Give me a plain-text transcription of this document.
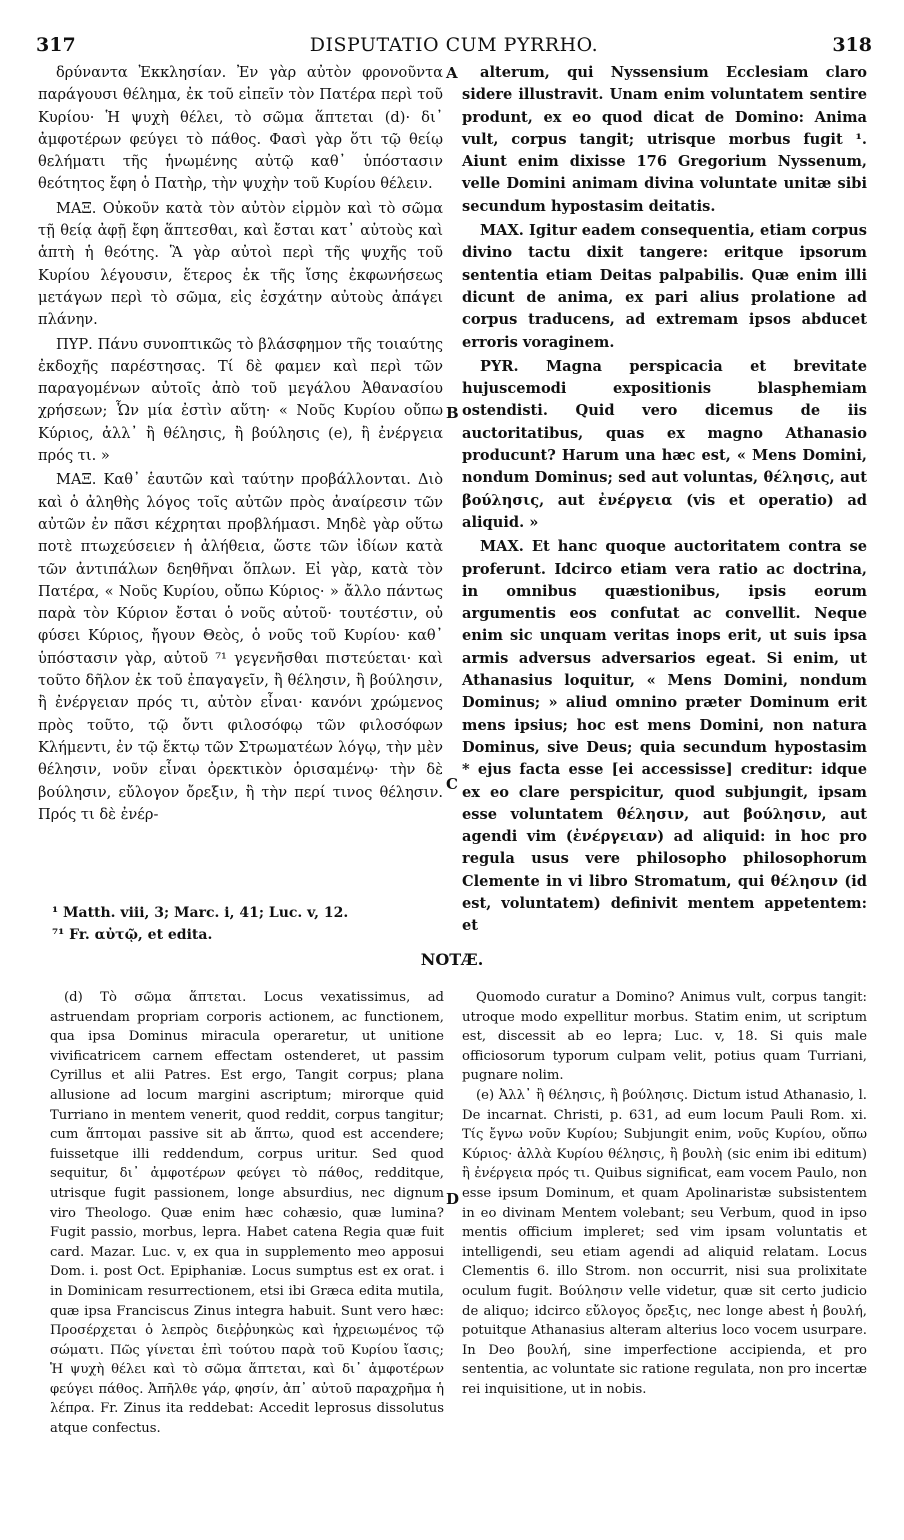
317	DISPUTATIO CUM PYRRHO.	318
A
B
C
D

δρύναντα Ἐκκλησίαν. Ἐν γὰρ αὐτὸν φρονοῦντα παράγουσι θέλημα, ἐκ τοῦ εἰπεῖν τὸν Πατέρα περὶ τοῦ Κυρίου· Ἡ ψυχὴ θέλει, τὸ σῶμα ἅπτεται (d)· δι᾿ ἀμφοτέρων φεύγει τὸ πάθος. Φασὶ γὰρ ὅτι τῷ θείῳ θελήματι τῆς ἡνωμένης αὐτῷ καθ᾿ ὑπόστασιν θεότητος ἔφη ὁ Πατὴρ, τὴν ψυχὴν τοῦ Κυρίου θέλειν.

ΜΑΞ. Οὐκοῦν κατὰ τὸν αὐτὸν εἱρμὸν καὶ τὸ σῶμα τῇ θείᾳ ἀφῇ ἔφη ἅπτεσθαι, καὶ ἔσται κατ᾿ αὐτοὺς καὶ ἁπτὴ ἡ θεότης. Ἃ γὰρ αὐτοὶ περὶ τῆς ψυχῆς τοῦ Κυρίου λέγουσιν, ἕτερος ἐκ τῆς ἴσης ἐκφωνήσεως μετάγων περὶ τὸ σῶμα, εἰς ἐσχάτην αὐτοὺς ἀπάγει πλάνην.

ΠΥΡ. Πάνυ συνοπτικῶς τὸ βλάσφημον τῆς τοιαύτης ἐκδοχῆς παρέστησας. Τί δὲ φαμεν καὶ περὶ τῶν παραγομένων αὐτοῖς ἀπὸ τοῦ μεγάλου Ἀθανασίου χρήσεων; Ὧν μία ἐστὶν αὕτη· « Νοῦς Κυρίου οὔπω Κύριος, ἀλλ᾿ ἢ θέλησις, ἢ βούλησις (e), ἢ ἐνέργεια πρός τι. »

ΜΑΞ. Καθ᾿ ἑαυτῶν καὶ ταύτην προβάλλονται. Διὸ καὶ ὁ ἀληθὴς λόγος τοῖς αὐτῶν πρὸς ἀναίρεσιν τῶν αὐτῶν ἐν πᾶσι κέχρηται προβλήμασι. Μηδὲ γὰρ οὕτω ποτὲ πτωχεύσειεν ἡ ἀλήθεια, ὥστε τῶν ἰδίων κατὰ τῶν ἀντιπάλων δεηθῆναι ὅπλων. Εἰ γὰρ, κατὰ τὸν Πατέρα, « Νοῦς Κυρίου, οὔπω Κύριος· » ἄλλο πάντως παρὰ τὸν Κύριον ἔσται ὁ νοῦς αὐτοῦ· τουτέστιν, οὐ φύσει Κύριος, ἤγουν Θεὸς, ὁ νοῦς τοῦ Κυρίου· καθ᾿ ὑπόστασιν γὰρ, αὐτοῦ ⁷¹ γεγενῆσθαι πιστεύεται· καὶ τοῦτο δῆλον ἐκ τοῦ ἐπαγαγεῖν, ἢ θέλησιν, ἢ βούλησιν, ἢ ἐνέργειαν πρός τι, αὐτὸν εἶναι· κανόνι χρώμενος πρὸς τοῦτο, τῷ ὄντι φιλοσόφῳ τῶν φιλοσόφων Κλήμεντι, ἐν τῷ ἕκτῳ τῶν Στρωματέων λόγῳ, τὴν μὲν θέλησιν, νοῦν εἶναι ὀρεκτικὸν ὁρισαμένῳ· τὴν δὲ βούλησιν, εὔλογον ὄρεξιν, ἢ τὴν περί τινος θέλησιν. Πρός τι δὲ ἐνέρ-

alterum, qui Nyssensium Ecclesiam claro sidere illustravit. Unam enim voluntatem sentire produnt, ex eo quod dicat de Domino: Anima vult, corpus tangit; utrisque morbus fugit ¹. Aiunt enim dixisse 176 Gregorium Nyssenum, velle Domini animam divina voluntate unitæ sibi secundum hypostasim deitatis.

MAX. Igitur eadem consequentia, etiam corpus divino tactu dixit tangere: eritque ipsorum sententia etiam Deitas palpabilis. Quæ enim illi dicunt de anima, ex pari alius prolatione ad corpus traducens, ad extremam ipsos abducet erroris voraginem.

PYR. Magna perspicacia et brevitate hujuscemodi expositionis blasphemiam ostendisti. Quid vero dicemus de iis auctoritatibus, quas ex magno Athanasio producunt? Harum una hæc est, « Mens Domini, nondum Dominus; sed aut voluntas, θέλησις, aut βούλησις, aut ἐνέργεια (vis et operatio) ad aliquid. »

MAX. Et hanc quoque auctoritatem contra se proferunt. Idcirco etiam vera ratio ac doctrina, in omnibus quæstionibus, ipsis eorum argumentis eos confutat ac convellit. Neque enim sic unquam veritas inops erit, ut suis ipsa armis adversus adversarios egeat. Si enim, ut Athanasius loquitur, « Mens Domini, nondum Dominus; » aliud omnino præter Dominum erit mens ipsius; hoc est mens Domini, non natura Dominus, sive Deus; quia secundum hypostasim * ejus facta esse [ei accessisse] creditur: idque ex eo clare perspicitur, quod subjungit, ipsam esse voluntatem θέλησιν, aut βούλησιν, aut agendi vim (ἐνέργειαν) ad aliquid: in hoc pro regula usus vere philosopho philosophorum Clemente in vi libro Stromatum, qui θέλησιν (id est, voluntatem) definivit mentem appetentem: et

¹ Matth. viii, 3; Marc. i, 41; Luc. v, 12.
⁷¹ Fr. αὐτῷ, et edita.
NOTÆ.

(d) Τὸ σῶμα ἅπτεται. Locus vexatissimus, ad astruendam propriam corporis actionem, ac functionem, qua ipsa Dominus miracula operaretur, ut unitione vivificatricem carnem effectam ostenderet, ut passim Cyrillus et alii Patres. Est ergo, Tangit corpus; plana allusione ad locum margini ascriptum; mirorque quid Turriano in mentem venerit, quod reddit, corpus tangitur; cum ἅπτομαι passive sit ab ἅπτω, quod est accendere; fuissetque illi reddendum, corpus uritur. Sed quod sequitur, δι᾿ ἀμφοτέρων φεύγει τὸ πάθος, redditque, utrisque fugit passionem, longe absurdius, nec dignum viro Theologo. Quæ enim hæc cohæsio, quæ lumina? Fugit passio, morbus, lepra. Habet catena Regia quæ fuit card. Mazar. Luc. v, ex qua in supplemento meo apposui Dom. i. post Oct. Epiphaniæ. Locus sumptus est ex orat. i in Dominicam resurrectionem, etsi ibi Græca edita mutila, quæ ipsa Franciscus Zinus integra habuit. Sunt vero hæc: Προσέρχεται ὁ λεπρὸς διεῤῥυηκὼς καὶ ἠχρειωμένος τῷ σώματι. Πῶς γίνεται ἐπὶ τούτου παρὰ τοῦ Κυρίου ἴασις; Ἡ ψυχὴ θέλει καὶ τὸ σῶμα ἅπτεται, καὶ δι᾿ ἀμφοτέρων φεύγει πάθος. Ἀπῆλθε γάρ, φησίν, ἀπ᾿ αὐτοῦ παραχρῆμα ἡ λέπρα. Fr. Zinus ita reddebat: Accedit leprosus dissolutus atque confectus.

Quomodo curatur a Domino? Animus vult, corpus tangit: utroque modo expellitur morbus. Statim enim, ut scriptum est, discessit ab eo lepra; Luc. v, 18. Si quis male officiosorum typorum culpam velit, potius quam Turriani, pugnare nolim.

(e) Ἀλλ᾿ ἢ θέλησις, ἢ βούλησις. Dictum istud Athanasio, l. De incarnat. Christi, p. 631, ad eum locum Pauli Rom. xi. Τίς ἔγνω νοῦν Κυρίου; Subjungit enim, νοῦς Κυρίου, οὔπω Κύριος· ἀλλὰ Κυρίου θέλησις, ἢ βουλὴ (sic enim ibi editum) ἢ ἐνέργεια πρός τι. Quibus significat, eam vocem Paulo, non esse ipsum Dominum, et quam Apolinaristæ subsistentem in eo divinam Mentem volebant; seu Verbum, quod in ipso mentis officium impleret; sed vim ipsam voluntatis et intelligendi, seu etiam agendi ad aliquid relatam. Locus Clementis 6. illo Strom. non occurrit, nisi sua prolixitate oculum fugit. Βούλησιν velle videtur, quæ sit certo judicio de aliquo; idcirco εὔλογος ὄρεξις, nec longe abest ἡ βουλή, potuitque Athanasius alteram alterius loco vocem usurpare. In Deo βουλή, sine imperfectione accipienda, et pro sententia, ac voluntate sic ratione regulata, non pro incertæ rei inquisitione, ut in nobis.
